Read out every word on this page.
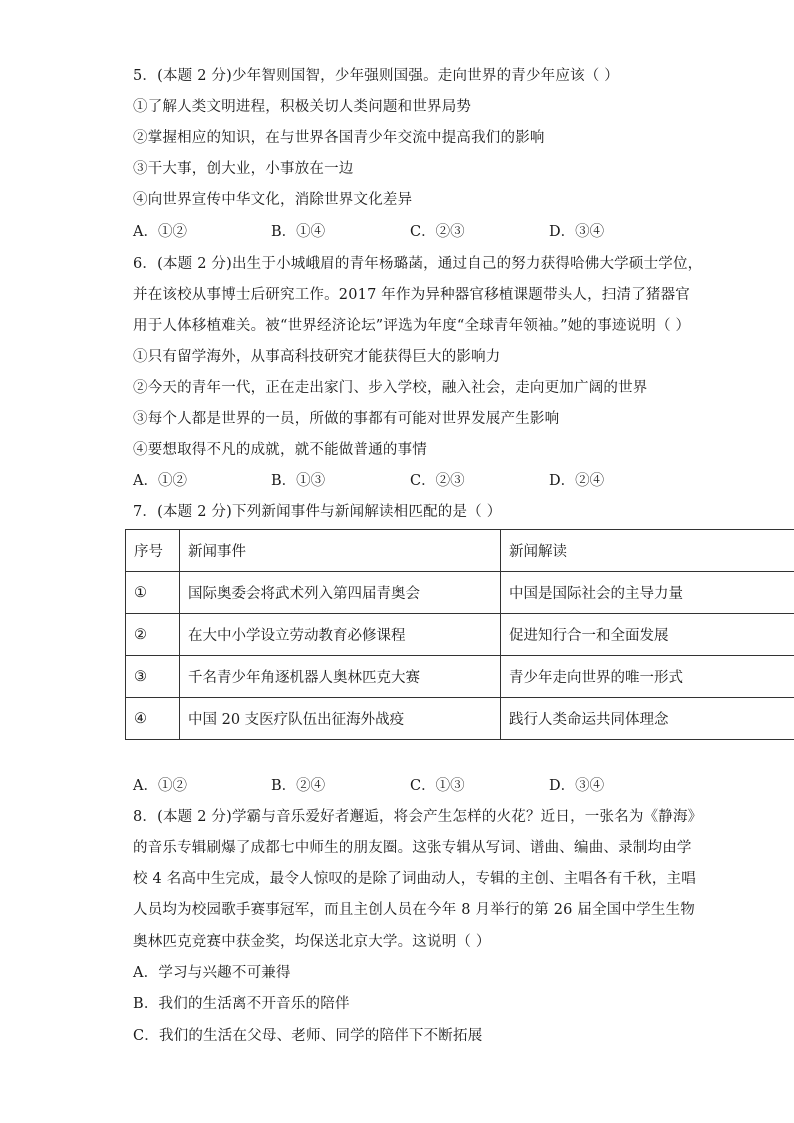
5．(本题 2 分)少年智则国智，少年强则国强。走向世界的青少年应该（ ）
①了解人类文明进程，积极关切人类问题和世界局势
②掌握相应的知识，在与世界各国青少年交流中提高我们的影响
③干大事，创大业，小事放在一边
④向世界宣传中华文化，消除世界文化差异
A．①②	B．①④	C．②③	D．③④
6．(本题 2 分)出生于小城峨眉的青年杨璐菡，通过自己的努力获得哈佛大学硕士学位，
并在该校从事博士后研究工作。2017 年作为异种器官移植课题带头人，扫清了猪器官
用于人体移植难关。被“世界经济论坛”评选为年度“全球青年领袖。”她的事迹说明（ ）
①只有留学海外，从事高科技研究才能获得巨大的影响力
②今天的青年一代，正在走出家门、步入学校，融入社会，走向更加广阔的世界
③每个人都是世界的一员，所做的事都有可能对世界发展产生影响
④要想取得不凡的成就，就不能做普通的事情
A．①②	B．①③	C．②③	D．②④
7．(本题 2 分)下列新闻事件与新闻解读相匹配的是（ ）
序号	新闻事件	新闻解读
①	国际奥委会将武术列入第四届青奥会	中国是国际社会的主导力量
②	在大中小学设立劳动教育必修课程	促进知行合一和全面发展
③	千名青少年角逐机器人奥林匹克大赛	青少年走向世界的唯一形式
④	中国 20 支医疗队伍出征海外战疫	践行人类命运共同体理念
A．①②	B．②④	C．①③	D．③④
8．(本题 2 分)学霸与音乐爱好者邂逅，将会产生怎样的火花？近日，一张名为《静海》
的音乐专辑刷爆了成都七中师生的朋友圈。这张专辑从写词、谱曲、编曲、录制均由学
校 4 名高中生完成，最令人惊叹的是除了词曲动人，专辑的主创、主唱各有千秋，主唱
人员均为校园歌手赛事冠军，而且主创人员在今年 8 月举行的第 26 届全国中学生生物
奥林匹克竞赛中获金奖，均保送北京大学。这说明（ ）
A．学习与兴趣不可兼得
B．我们的生活离不开音乐的陪伴
C．我们的生活在父母、老师、同学的陪伴下不断拓展
